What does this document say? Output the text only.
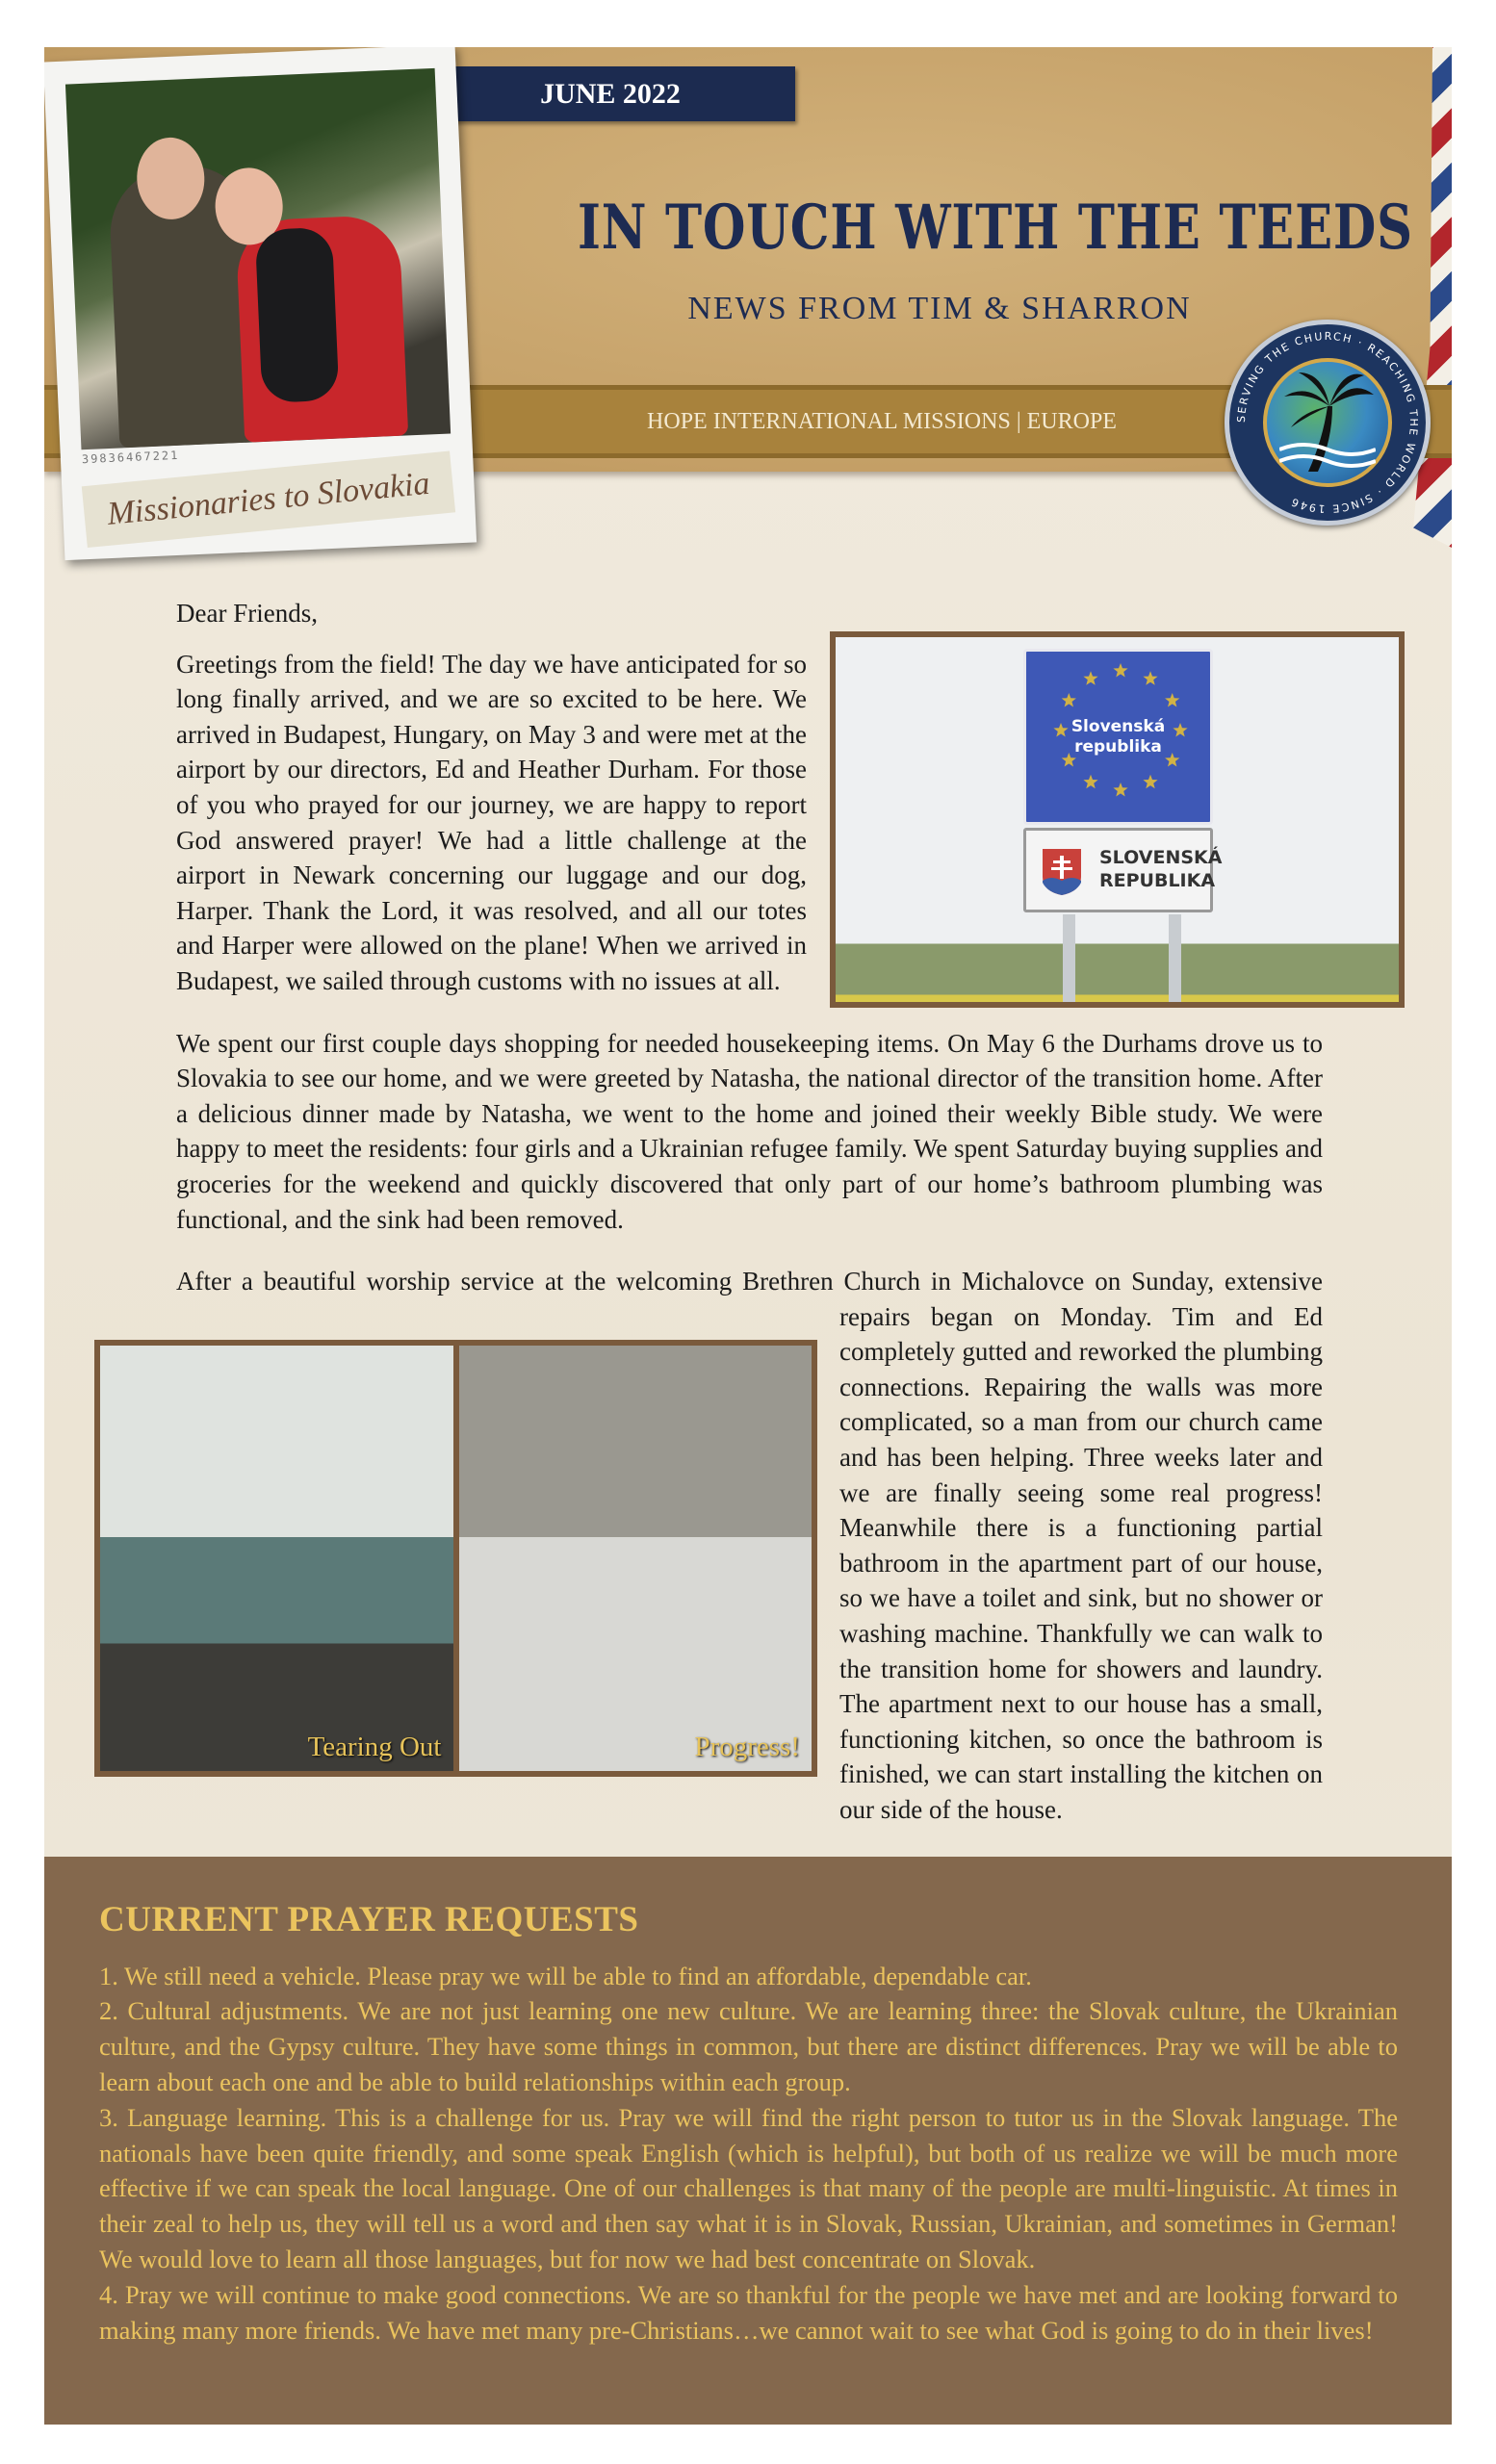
JUNE 2022
IN TOUCH WITH THE TEEDS
NEWS FROM TIM & SHARRON
HOPE INTERNATIONAL MISSIONS | EUROPE	SERVING THE CHURCH · REACHING THE WORLD · SINCE 1946
39836467221
Missionaries to Slovakia
Slovenská
republika
SLOVENSKÁ
REPUBLIKA
Dear Friends,
Greetings from the field! The day we have anticipated for so long finally arrived, and we are so excited to be here. We arrived in Budapest, Hungary, on May 3 and were met at the airport by our directors, Ed and Heather Durham. For those of you who prayed for our journey, we are happy to report God answered prayer! We had a little challenge at the airport in Newark concerning our luggage and our dog, Harper. Thank the Lord, it was resolved, and all our totes and Harper were allowed on the plane! When we arrived in Budapest, we sailed through customs with no issues at all.
We spent our first couple days shopping for needed housekeeping items. On May 6 the Durhams drove us to Slovakia to see our home, and we were greeted by Natasha, the national director of the transition home. After a delicious dinner made by Natasha, we went to the home and joined their weekly Bible study. We were happy to meet the residents: four girls and a Ukrainian refugee family. We spent Saturday buying supplies and groceries for the weekend and quickly discovered that only part of our home’s bathroom plumbing was functional, and the sink had been removed.
Tearing Out	Progress!
After a beautiful worship service at the welcoming Brethren Church in Michalovce on Sunday, extensive repairs began on Monday. Tim and Ed completely gutted and reworked the plumbing connections. Repairing the walls was more complicated, so a man from our church came and has been helping. Three weeks later and we are finally seeing some real progress! Meanwhile there is a functioning partial bathroom in the apartment part of our house, so we have a toilet and sink, but no shower or washing machine. Thankfully we can walk to the transition home for showers and laundry. The apartment next to our house has a small, functioning kitchen, so once the bathroom is finished, we can start installing the kitchen on our side of the house.
CURRENT PRAYER REQUESTS

1. We still need a vehicle. Please pray we will be able to find an affordable, dependable car.

2. Cultural adjustments. We are not just learning one new culture. We are learning three: the Slovak culture, the Ukrainian culture, and the Gypsy culture. They have some things in common, but there are distinct differences. Pray we will be able to learn about each one and be able to build relationships within each group.

3. Language learning. This is a challenge for us. Pray we will find the right person to tutor us in the Slovak language. The nationals have been quite friendly, and some speak English (which is helpful), but both of us realize we will be much more effective if we can speak the local language. One of our challenges is that many of the people are multi-linguistic. At times in their zeal to help us, they will tell us a word and then say what it is in Slovak, Russian, Ukrainian, and sometimes in German! We would love to learn all those languages, but for now we had best concentrate on Slovak.

4. Pray we will continue to make good connections. We are so thankful for the people we have met and are looking forward to making many more friends. We have met many pre-Christians…we cannot wait to see what God is going to do in their lives!
